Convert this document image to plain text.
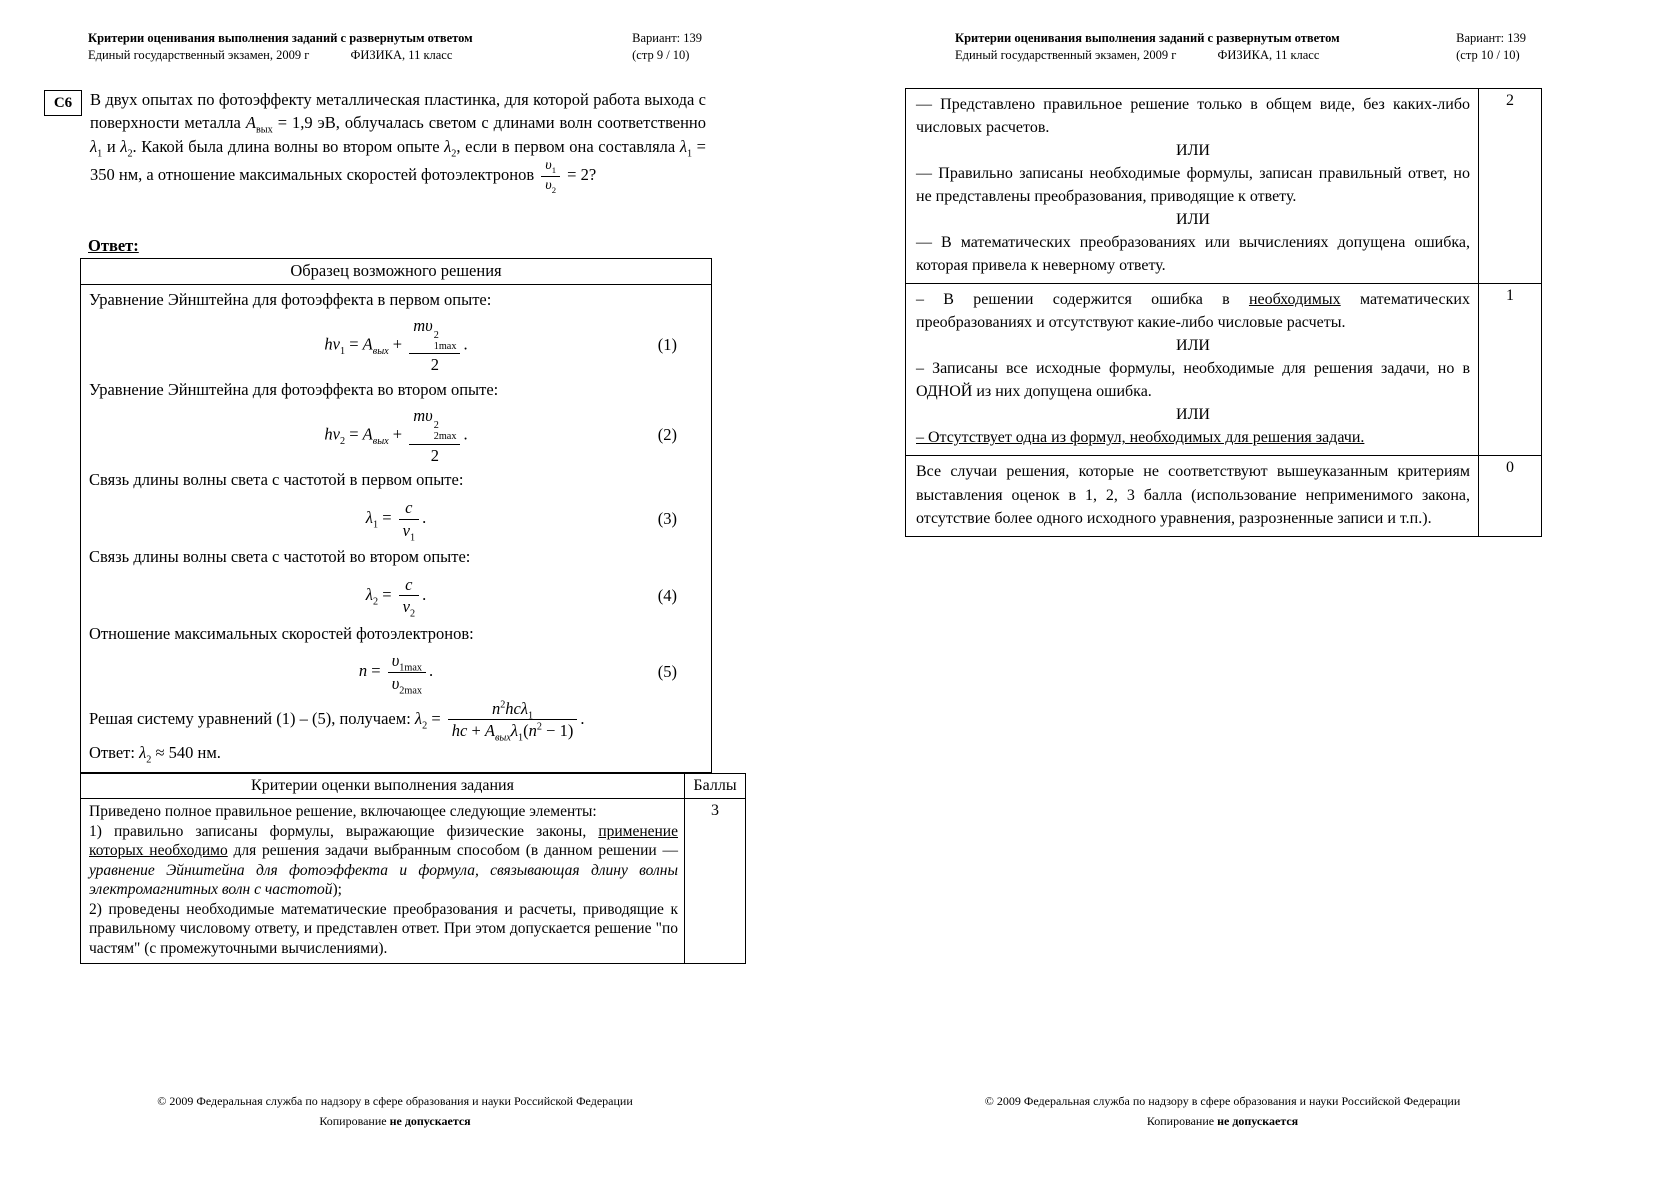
Критерии оценивания выполнения заданий с развернутым ответом
Единый государственный экзамен, 2009 г	ФИЗИКА, 11 класс
Вариант: 139
(стр 9 / 10)
С6 В двух опытах по фотоэффекту металлическая пластинка, для которой работа выхода с поверхности металла $A_{вых} = 1,9$ эВ, облучалась светом с длинами волн соответственно $\lambda_1$ и $\lambda_2$. Какой была длина волны во втором опыте $\lambda_2$, если в первом она составляла $\lambda_1 = 350$ нм, а отношение максимальных скоростей фотоэлектронов $\frac{\upsilon_1}{\upsilon_2} = 2$?
Ответ:
Образец возможного решения
Уравнение Эйнштейна для фотоэффекта в первом опыте:
$h\nu_1 = A_{вых} + m\upsilon$
2
1max
2 .	(1)
Уравнение Эйнштейна для фотоэффекта во втором опыте:
$h\nu_2 = A_{вых} + m\upsilon$
2
2max
2 .	(2)
Связь длины волны света с частотой в первом опыте:
$\lambda_1 = \frac{c}{\nu_1}$ .	(3)
Связь длины волны света с частотой во втором опыте:
$\lambda_2 = \frac{c}{\nu_2}$ .	(4)
Отношение максимальных скоростей фотоэлектронов:
$n = \frac{\upsilon_{1max}}{\upsilon_{2max}}$ .	(5)
Решая систему уравнений (1) – (5), получаем: $\lambda_2 = \frac{n^2hc\lambda_1}{hc + A_{вых}\lambda_1(n^2 - 1)}$ .
Ответ: $\lambda_2 \approx 540$ нм.
Критерии оценки выполнения задания	Баллы
Приведено полное правильное решение, включающее следующие элементы:
1) правильно записаны формулы, выражающие физические законы, применение которых необходимо для решения задачи выбранным способом (в данном решении — уравнение Эйнштейна для фотоэффекта и формула, связывающая длину волны электромагнитных волн с частотой);
2) проведены необходимые математические преобразования и расчеты, приводящие к правильному числовому ответу, и представлен ответ. При этом допускается решение "по частям" (с промежуточными вычислениями).
3
Критерии оценивания выполнения заданий с развернутым ответом
Единый государственный экзамен, 2009 г	ФИЗИКА, 11 класс
Вариант: 139
(стр 10 / 10)
— Представлено правильное решение только в общем виде, без каких-либо числовых расчетов.
ИЛИ
— Правильно записаны необходимые формулы, записан правильный ответ, но не представлены преобразования, приводящие к ответу.
ИЛИ
— В математических преобразованиях или вычислениях допущена ошибка, которая привела к неверному ответу.
2
– В решении содержится ошибка в необходимых математических преобразованиях и отсутствуют какие-либо числовые расчеты.
ИЛИ
– Записаны все исходные формулы, необходимые для решения задачи, но в ОДНОЙ из них допущена ошибка.
ИЛИ
– Отсутствует одна из формул, необходимых для решения задачи.
1
Все случаи решения, которые не соответствуют вышеуказанным критериям выставления оценок в 1, 2, 3 балла (использование неприменимого закона, отсутствие более одного исходного уравнения, разрозненные записи и т.п.).
0
© 2009 Федеральная служба по надзору в сфере образования и науки Российской Федерации
Копирование не допускается
© 2009 Федеральная служба по надзору в сфере образования и науки Российской Федерации
Копирование не допускается
